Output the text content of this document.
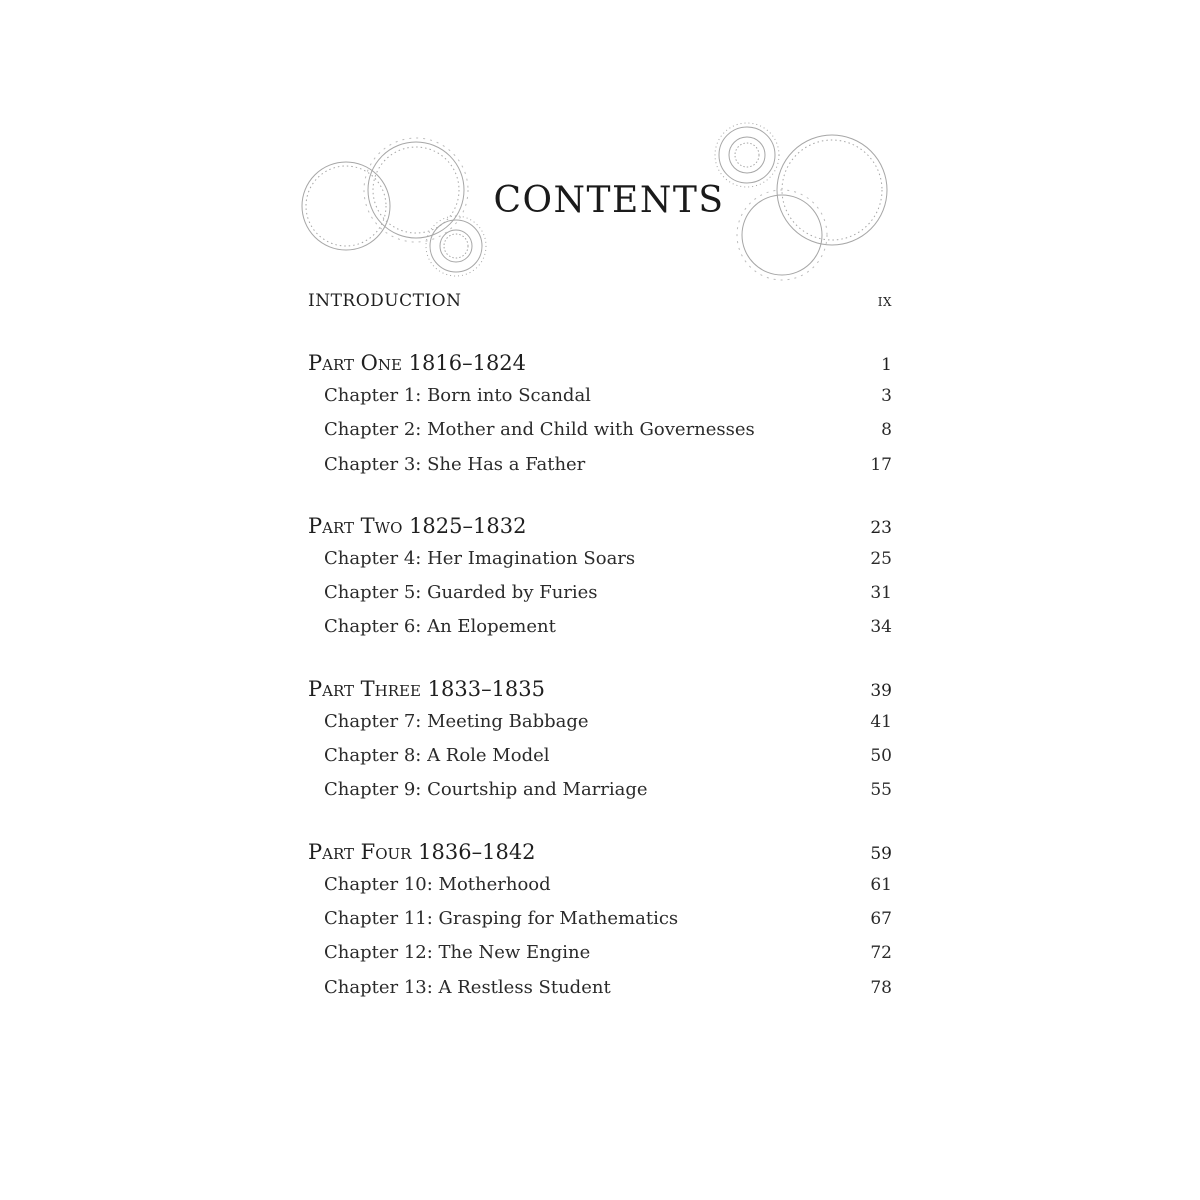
CONTENTS
INTRODUCTION	ix
Part One 1816–1824	1
Chapter 1: Born into Scandal	3
Chapter 2: Mother and Child with Governesses	8
Chapter 3: She Has a Father	17
Part Two 1825–1832	23
Chapter 4: Her Imagination Soars	25
Chapter 5: Guarded by Furies	31
Chapter 6: An Elopement	34
Part Three 1833–1835	39
Chapter 7: Meeting Babbage	41
Chapter 8: A Role Model	50
Chapter 9: Courtship and Marriage	55
Part Four 1836–1842	59
Chapter 10: Motherhood	61
Chapter 11: Grasping for Mathematics	67
Chapter 12: The New Engine	72
Chapter 13: A Restless Student	78
